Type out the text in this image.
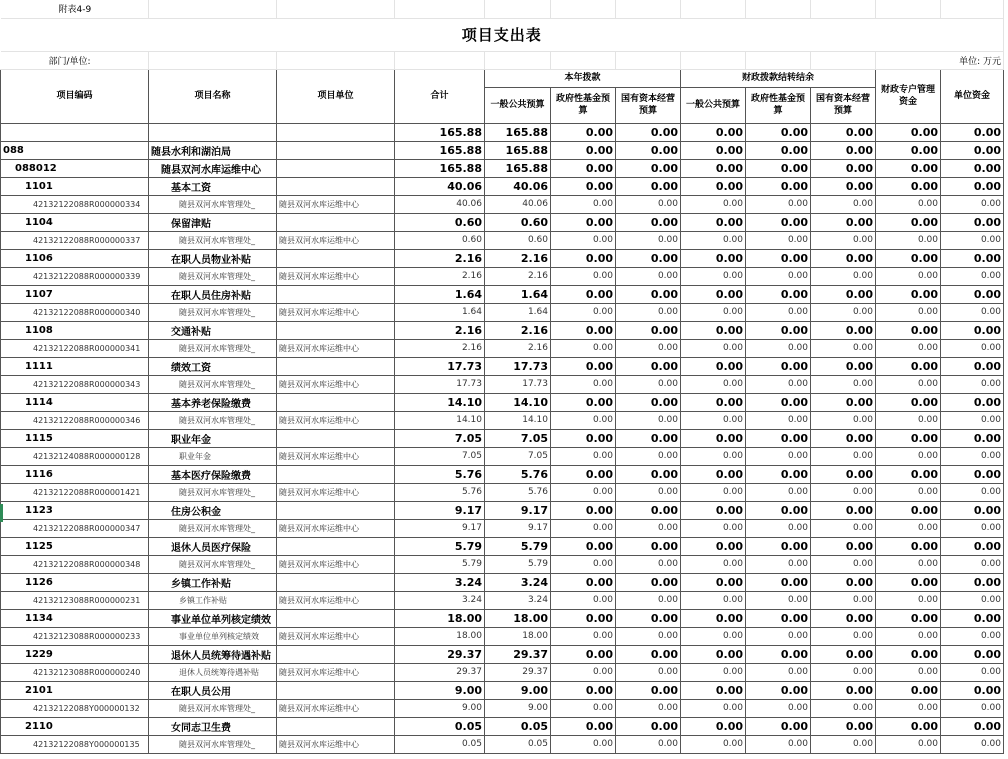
附表4-9											
项目支出表											
部门/单位:										单位: 万元	
项目编码	项目名称	项目单位	合计	本年拨款			财政拨款结转结余			财政专户管理资金	单位资金
				一般公共预算	政府性基金预算	国有资本经营预算	一般公共预算	政府性基金预算	国有资本经营预算		
			165.88	165.88	0.00	0.00	0.00	0.00	0.00	0.00	0.00
088	随县水利和湖泊局		165.88	165.88	0.00	0.00	0.00	0.00	0.00	0.00	0.00
088012	随县双河水库运维中心		165.88	165.88	0.00	0.00	0.00	0.00	0.00	0.00	0.00
1101	基本工资		40.06	40.06	0.00	0.00	0.00	0.00	0.00	0.00	0.00
42132122088R000000334	随县双河水库管理处_	随县双河水库运维中心	40.06	40.06	0.00	0.00	0.00	0.00	0.00	0.00	0.00
1104	保留津贴		0.60	0.60	0.00	0.00	0.00	0.00	0.00	0.00	0.00
42132122088R000000337	随县双河水库管理处_	随县双河水库运维中心	0.60	0.60	0.00	0.00	0.00	0.00	0.00	0.00	0.00
1106	在职人员物业补贴		2.16	2.16	0.00	0.00	0.00	0.00	0.00	0.00	0.00
42132122088R000000339	随县双河水库管理处_	随县双河水库运维中心	2.16	2.16	0.00	0.00	0.00	0.00	0.00	0.00	0.00
1107	在职人员住房补贴		1.64	1.64	0.00	0.00	0.00	0.00	0.00	0.00	0.00
42132122088R000000340	随县双河水库管理处_	随县双河水库运维中心	1.64	1.64	0.00	0.00	0.00	0.00	0.00	0.00	0.00
1108	交通补贴		2.16	2.16	0.00	0.00	0.00	0.00	0.00	0.00	0.00
42132122088R000000341	随县双河水库管理处_	随县双河水库运维中心	2.16	2.16	0.00	0.00	0.00	0.00	0.00	0.00	0.00
1111	绩效工资		17.73	17.73	0.00	0.00	0.00	0.00	0.00	0.00	0.00
42132122088R000000343	随县双河水库管理处_	随县双河水库运维中心	17.73	17.73	0.00	0.00	0.00	0.00	0.00	0.00	0.00
1114	基本养老保险缴费		14.10	14.10	0.00	0.00	0.00	0.00	0.00	0.00	0.00
42132122088R000000346	随县双河水库管理处_	随县双河水库运维中心	14.10	14.10	0.00	0.00	0.00	0.00	0.00	0.00	0.00
1115	职业年金		7.05	7.05	0.00	0.00	0.00	0.00	0.00	0.00	0.00
42132124088R000000128	职业年金	随县双河水库运维中心	7.05	7.05	0.00	0.00	0.00	0.00	0.00	0.00	0.00
1116	基本医疗保险缴费		5.76	5.76	0.00	0.00	0.00	0.00	0.00	0.00	0.00
42132122088R000001421	随县双河水库管理处_	随县双河水库运维中心	5.76	5.76	0.00	0.00	0.00	0.00	0.00	0.00	0.00
1123	住房公积金		9.17	9.17	0.00	0.00	0.00	0.00	0.00	0.00	0.00
42132122088R000000347	随县双河水库管理处_	随县双河水库运维中心	9.17	9.17	0.00	0.00	0.00	0.00	0.00	0.00	0.00
1125	退休人员医疗保险		5.79	5.79	0.00	0.00	0.00	0.00	0.00	0.00	0.00
42132122088R000000348	随县双河水库管理处_	随县双河水库运维中心	5.79	5.79	0.00	0.00	0.00	0.00	0.00	0.00	0.00
1126	乡镇工作补贴		3.24	3.24	0.00	0.00	0.00	0.00	0.00	0.00	0.00
42132123088R000000231	乡镇工作补贴	随县双河水库运维中心	3.24	3.24	0.00	0.00	0.00	0.00	0.00	0.00	0.00
1134	事业单位单列核定绩效		18.00	18.00	0.00	0.00	0.00	0.00	0.00	0.00	0.00
42132123088R000000233	事业单位单列核定绩效	随县双河水库运维中心	18.00	18.00	0.00	0.00	0.00	0.00	0.00	0.00	0.00
1229	退休人员统筹待遇补贴		29.37	29.37	0.00	0.00	0.00	0.00	0.00	0.00	0.00
42132123088R000000240	退休人员统筹待遇补贴	随县双河水库运维中心	29.37	29.37	0.00	0.00	0.00	0.00	0.00	0.00	0.00
2101	在职人员公用		9.00	9.00	0.00	0.00	0.00	0.00	0.00	0.00	0.00
42132122088Y000000132	随县双河水库管理处_	随县双河水库运维中心	9.00	9.00	0.00	0.00	0.00	0.00	0.00	0.00	0.00
2110	女同志卫生费		0.05	0.05	0.00	0.00	0.00	0.00	0.00	0.00	0.00
42132122088Y000000135	随县双河水库管理处_	随县双河水库运维中心	0.05	0.05	0.00	0.00	0.00	0.00	0.00	0.00	0.00
